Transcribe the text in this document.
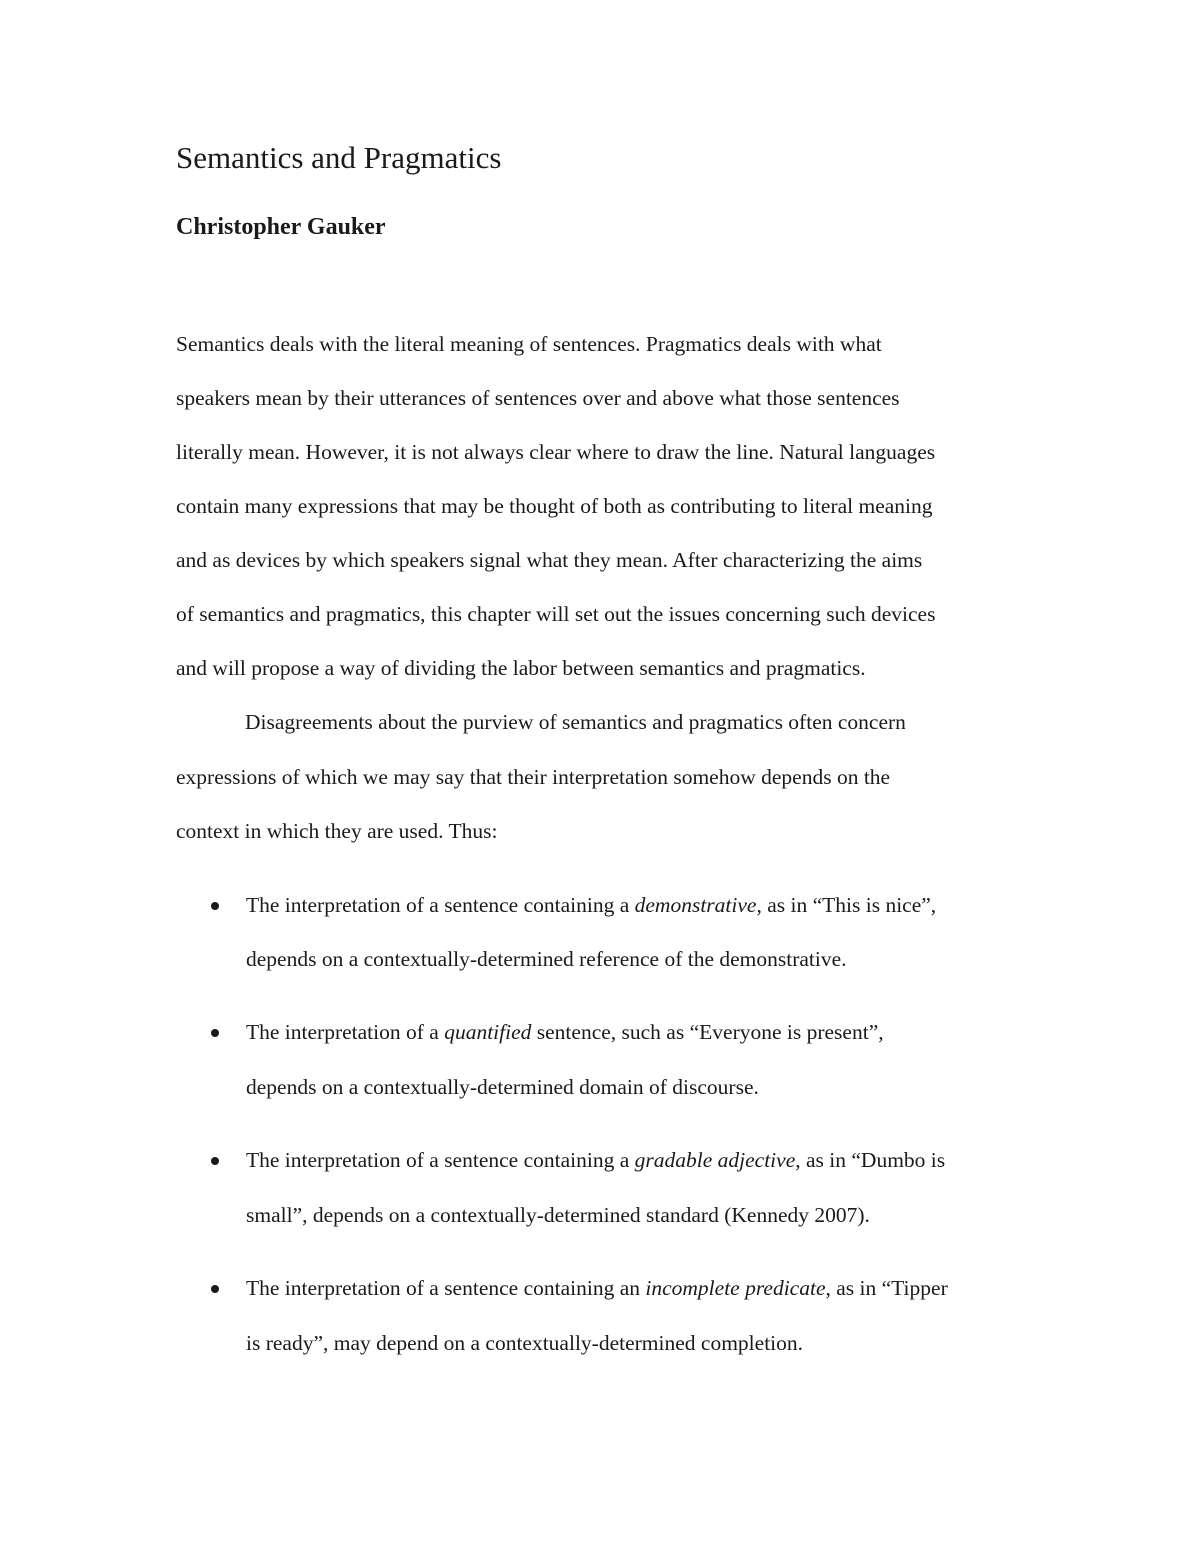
Semantics and Pragmatics
Christopher Gauker
Semantics deals with the literal meaning of sentences. Pragmatics deals with what
speakers mean by their utterances of sentences over and above what those sentences
literally mean. However, it is not always clear where to draw the line. Natural languages
contain many expressions that may be thought of both as contributing to literal meaning
and as devices by which speakers signal what they mean. After characterizing the aims
of semantics and pragmatics, this chapter will set out the issues concerning such devices
and will propose a way of dividing the labor between semantics and pragmatics.
Disagreements about the purview of semantics and pragmatics often concern
expressions of which we may say that their interpretation somehow depends on the
context in which they are used. Thus:
The interpretation of a sentence containing a demonstrative, as in “This is nice”,
depends on a contextually-determined reference of the demonstrative.
The interpretation of a quantified sentence, such as “Everyone is present”,
depends on a contextually-determined domain of discourse.
The interpretation of a sentence containing a gradable adjective, as in “Dumbo is
small”, depends on a contextually-determined standard (Kennedy 2007).
The interpretation of a sentence containing an incomplete predicate, as in “Tipper
is ready”, may depend on a contextually-determined completion.
